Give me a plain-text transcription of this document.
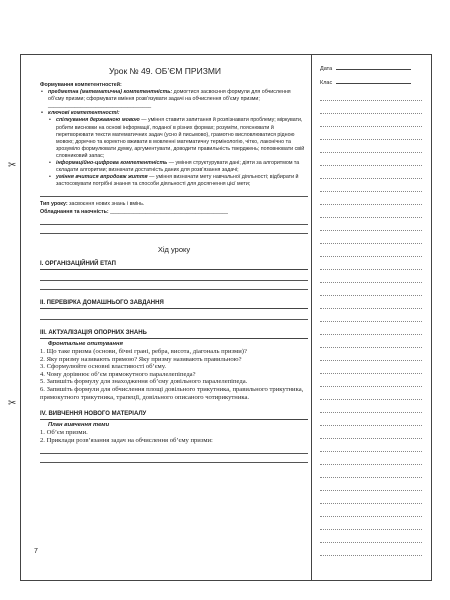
✂
✂
Урок № 49. ОБ’ЄМ ПРИЗМИ	Дата
Клас

Формування компетентностей:

• предметна (математична) компетентність: домогтися засвоєння формули для обчислення об’єму призми; сформувати вміння розв’язувати задачі на обчислення об’єму призми; ___________________________________

• ключові компетентності:

• спілкування державною мовою — уміння ставити запитання й розпізнавати проблему; міркувати, робити висновки на основі інформації, поданої в різних формах; розуміти, пояснювати й перетворювати тексти математичних задач (усно й письмово), грамотно висловлюватися рідною мовою; доречно та коректно вживати в мовленні математичну термінологію, чітко, лаконічно та зрозуміло формулювати думку, аргументувати, доводити правильність тверджень; поповнювати свій словниковий запас;

• інформаційно-цифрова компетентність — уміння структурувати дані; діяти за алгоритмом та складати алгоритми; визначати достатність даних для розв’язання задачі;

• уміння вчитися впродовж життя — уміння визначати мету навчальної діяльності; відбирати й застосовувати потрібні знання та способи діяльності для досягнення цієї мети;

Тип уроку: засвоєння нових знань і вмінь.

Обладнання та наочність: ________________________________________

Хід уроку
I. ОРГАНІЗАЦІЙНИЙ ЕТАП
II. ПЕРЕВІРКА ДОМАШНЬОГО ЗАВДАННЯ
III. АКТУАЛІЗАЦІЯ ОПОРНИХ ЗНАНЬ

Фронтальне опитування

1. Що таке призма (основи, бічні грані, ребра, висота, діагональ призми)?

2. Яку призму називають прямою? Яку призму називають правильною?

3. Сформулюйте основні властивості об’єму.

4. Чому дорівнює об’єм прямокутного паралелепіпеда?

5. Запишіть формулу для знаходження об’єму довільного паралелепіпеда.

6. Запишіть формули для обчислення площі довільного трикутника, правильного трикутника, прямокутного трикутника, трапеції, довільного описаного чотирикутника.

IV. ВИВЧЕННЯ НОВОГО МАТЕРІАЛУ

План вивчення теми

1. Об’єм призми.

2. Приклади розв’язання задач на обчислення об’єму призми:

7
